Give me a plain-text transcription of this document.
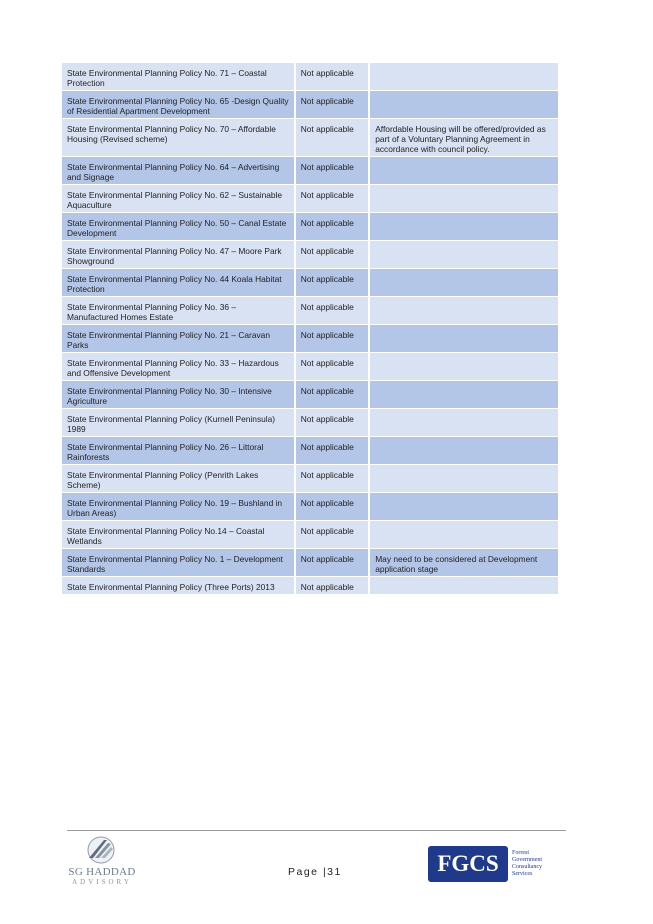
State Environmental Planning Policy No. 71 – Coastal Protection	Not applicable	
State Environmental Planning Policy No. 65 -Design Quality of Residential Apartment Development	Not applicable	
State Environmental Planning Policy No. 70 – Affordable Housing (Revised scheme)	Not applicable	Affordable Housing will be offered/provided as part of a Voluntary Planning Agreement in accordance with council policy.
State Environmental Planning Policy No. 64 – Advertising and Signage	Not applicable	
State Environmental Planning Policy No. 62 – Sustainable Aquaculture	Not applicable	
State Environmental Planning Policy No. 50 – Canal Estate Development	Not applicable	
State Environmental Planning Policy No. 47 – Moore Park Showground	Not applicable	
State Environmental Planning Policy No. 44 Koala Habitat Protection	Not applicable	
State Environmental Planning Policy No. 36 – Manufactured Homes Estate	Not applicable	
State Environmental Planning Policy No. 21 – Caravan Parks	Not applicable	
State Environmental Planning Policy No. 33 – Hazardous and Offensive Development	Not applicable	
State Environmental Planning Policy No. 30 – Intensive Agriculture	Not applicable	
State Environmental Planning Policy (Kurnell Peninsula) 1989	Not applicable	
State Environmental Planning Policy No. 26 – Littoral Rainforests	Not applicable	
State Environmental Planning Policy (Penrith Lakes Scheme)	Not applicable	
State Environmental Planning Policy No. 19 – Bushland in Urban Areas)	Not applicable	
State Environmental Planning Policy No.14 – Coastal Wetlands	Not applicable	
State Environmental Planning Policy No. 1 – Development Standards	Not applicable	May need to be considered at Development application stage
State Environmental Planning Policy (Three Ports) 2013	Not applicable	
SG HADDAD
ADVISORY
Page |31	FGCS	Forrest
Government
Consultancy
Services
